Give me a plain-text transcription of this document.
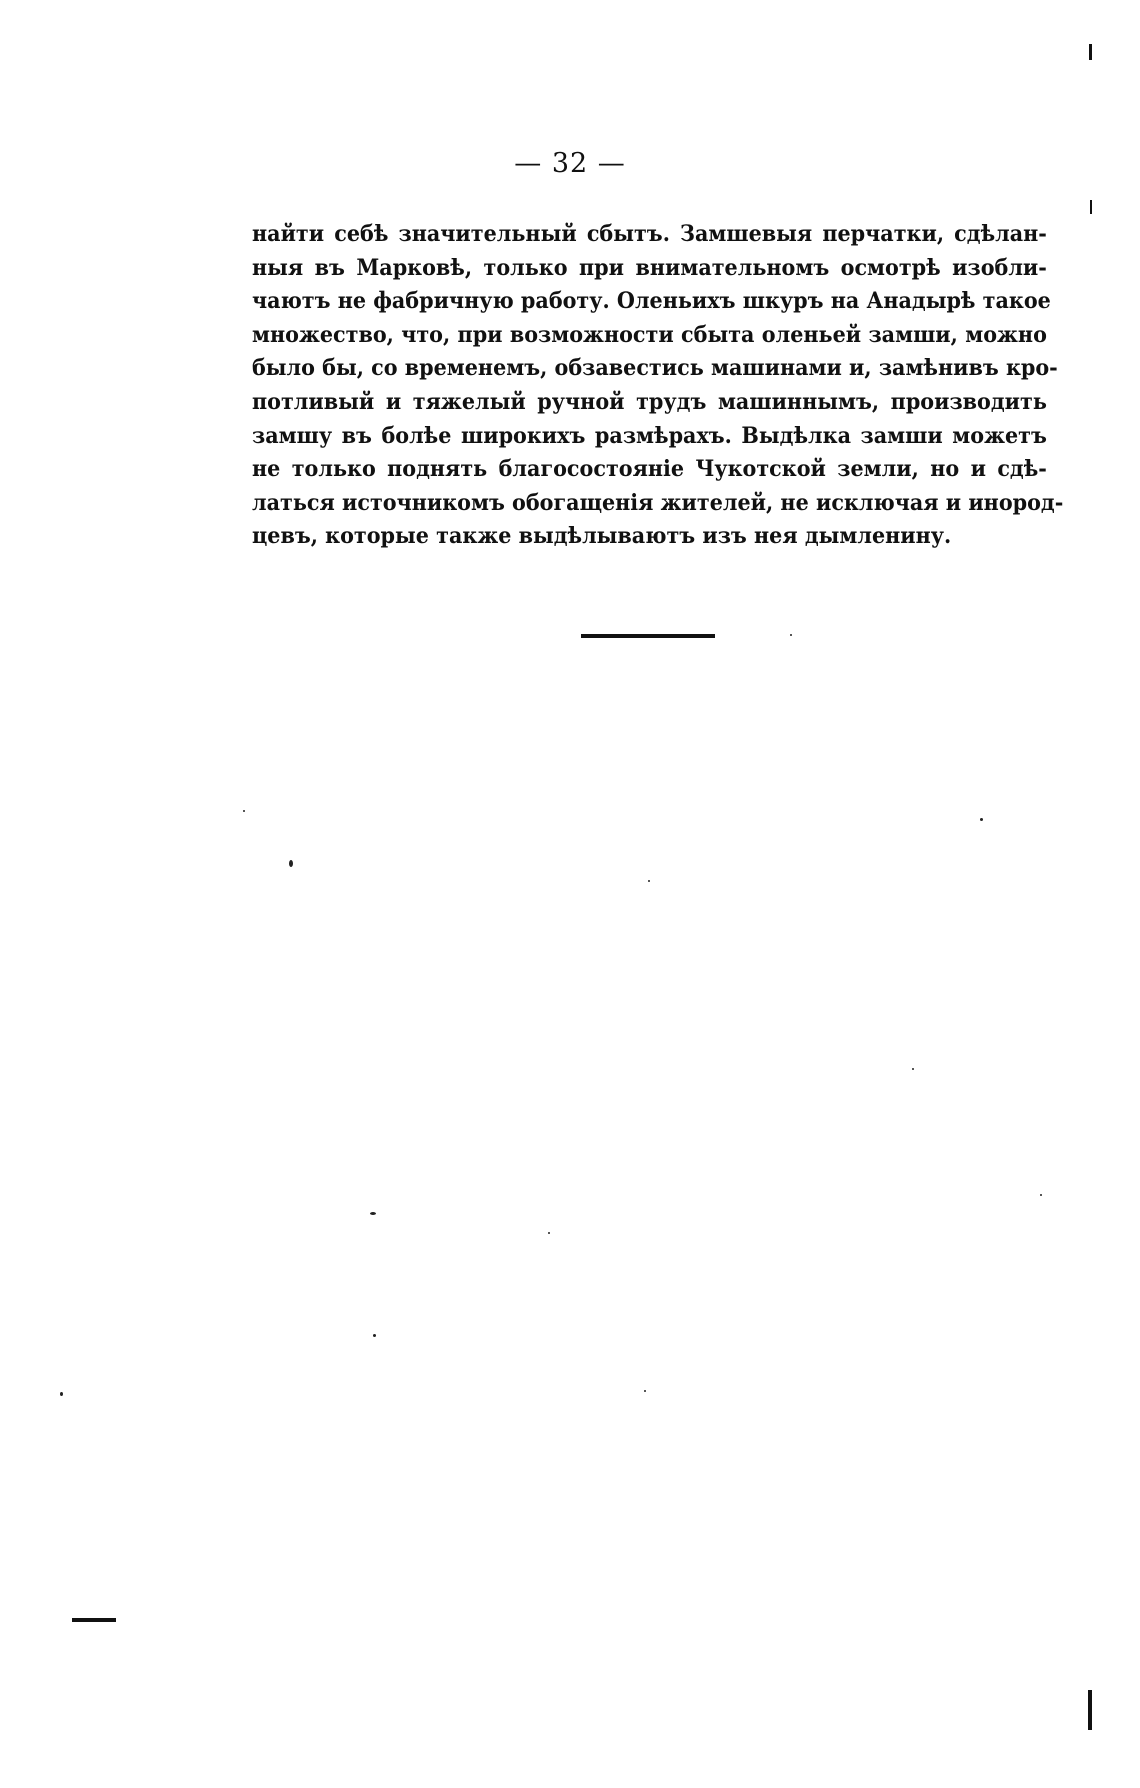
— 32 —
найти себѣ значительный сбытъ. Замшевыя перчатки, сдѣлан-
ныя въ Марковѣ, только при внимательномъ осмотрѣ изобли-
чаютъ не фабричную работу. Оленьихъ шкуръ на Анадырѣ такое
множество, что, при возможности сбыта оленьей замши, можно
было бы, со временемъ, обзавестись машинами и, замѣнивъ кро-
потливый и тяжелый ручной трудъ машиннымъ, производить
замшу въ болѣе широкихъ размѣрахъ. Выдѣлка замши можетъ
не только поднять благосостояніе Чукотской земли, но и сдѣ-
латься источникомъ обогащенія жителей, не исключая и инород-
цевъ, которые также выдѣлываютъ изъ нея дымленину.
